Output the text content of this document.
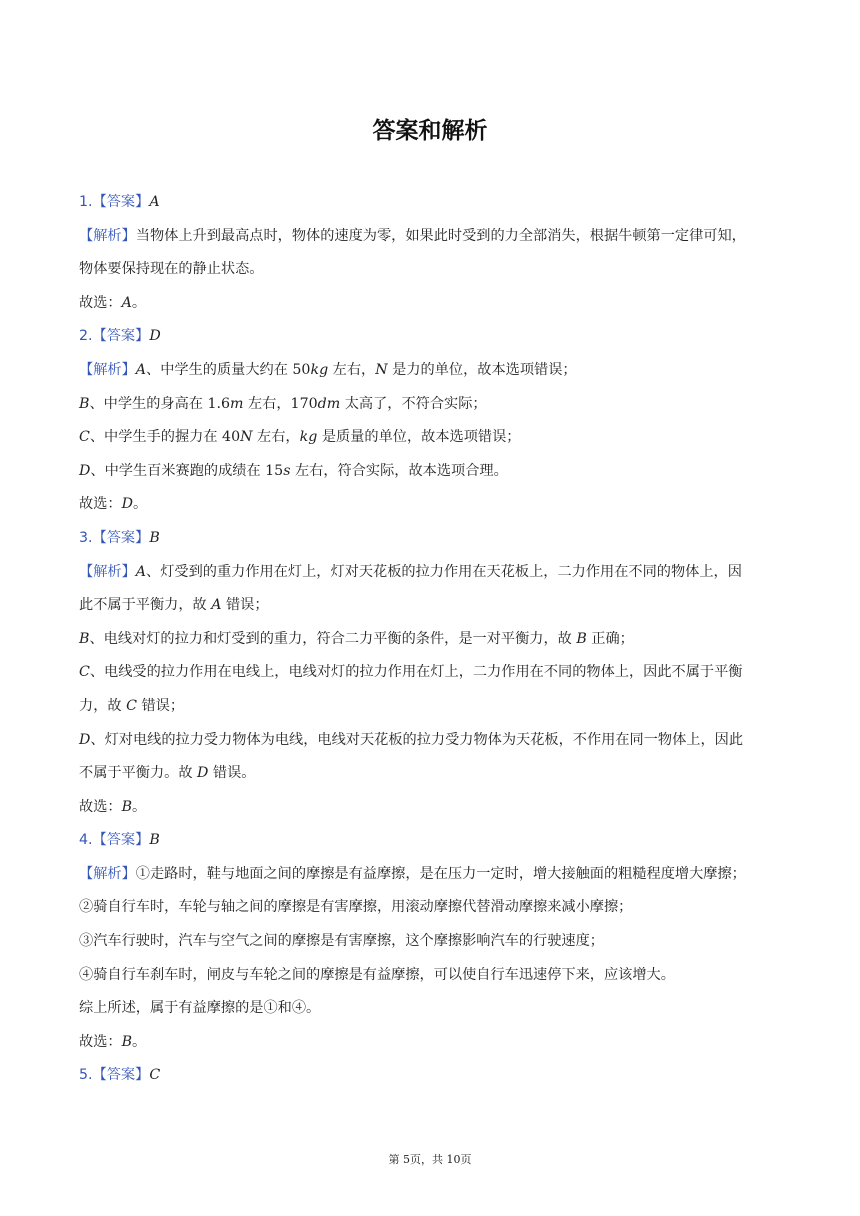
答案和解析
1.【答案】A
【解析】当物体上升到最高点时，物体的速度为零，如果此时受到的力全部消失，根据牛顿第一定律可知，
物体要保持现在的静止状态。
故选：A。
2.【答案】D
【解析】A、中学生的质量大约在 50kg 左右，N 是力的单位，故本选项错误；
B、中学生的身高在 1.6m 左右，170dm 太高了，不符合实际；
C、中学生手的握力在 40N 左右，kg 是质量的单位，故本选项错误；
D、中学生百米赛跑的成绩在 15s 左右，符合实际，故本选项合理。
故选：D。
3.【答案】B
【解析】A、灯受到的重力作用在灯上，灯对天花板的拉力作用在天花板上，二力作用在不同的物体上，因
此不属于平衡力，故 A 错误；
B、电线对灯的拉力和灯受到的重力，符合二力平衡的条件，是一对平衡力，故 B 正确；
C、电线受的拉力作用在电线上，电线对灯的拉力作用在灯上，二力作用在不同的物体上，因此不属于平衡
力，故 C 错误；
D、灯对电线的拉力受力物体为电线，电线对天花板的拉力受力物体为天花板，不作用在同一物体上，因此
不属于平衡力。故 D 错误。
故选：B。
4.【答案】B
【解析】①走路时，鞋与地面之间的摩擦是有益摩擦，是在压力一定时，增大接触面的粗糙程度增大摩擦；
②骑自行车时，车轮与轴之间的摩擦是有害摩擦，用滚动摩擦代替滑动摩擦来减小摩擦；
③汽车行驶时，汽车与空气之间的摩擦是有害摩擦，这个摩擦影响汽车的行驶速度；
④骑自行车刹车时，闸皮与车轮之间的摩擦是有益摩擦，可以使自行车迅速停下来，应该增大。
综上所述，属于有益摩擦的是①和④。
故选：B。
5.【答案】C
第 5页，共 10页
